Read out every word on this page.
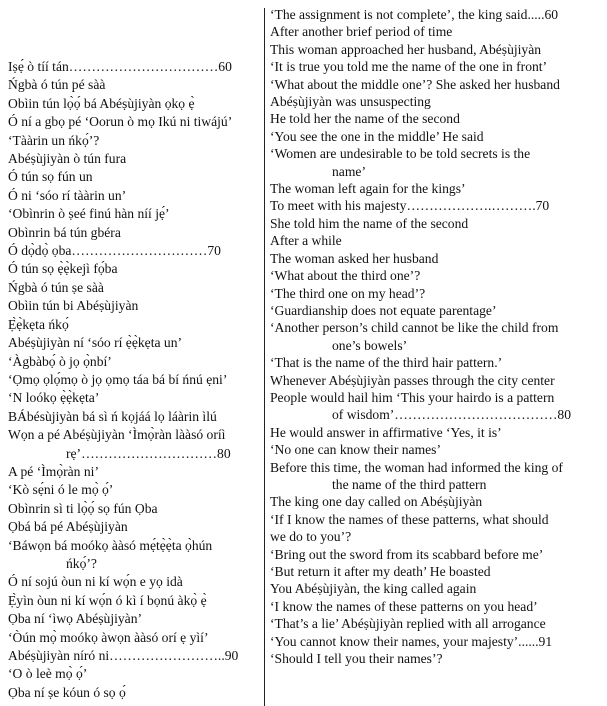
Iṣẹ́ ò tíí tán……………………………60
Ńgbà ó tún pé sàà
Obìin tún lọ̀ọ́ bá Abéṣùjiyàn ọkọ ẹ̀
Ó ní a gbọ pé ‘Oorun ò mọ Ikú ni tiwájú’
‘Tààrin un ńkọ́’?
Abéṣùjiyàn ò tún fura
Ó tún sọ fún un
Ó ni ‘sóo rí tààrin un’
‘Obìnrin ò ṣeé finú hàn níí jẹ́’
Obìnrin bá tún gbéra
Ó dọ̀dọ̀ ọba…………………………70
Ó tún sọ ẹ̀ẹ̀kejì fọ́ba
Ńgbà ó tún ṣe sàà
Obìin tún bi Abéṣùjiyàn
Ẹ̀ẹ̀kẹta ńkọ́
Abéṣùjiyàn ní ‘sóo rí ẹ̀ẹ̀kẹta un’
‘Àgbàbọ́ ò jọ ọ̀nbí’
‘Ọmọ ọlọ́mọ ò jọ ọmọ táa bá bí ńnú ẹni’
‘N loókọ ẹ̀ẹ̀kẹta’
BÁbésùjiyàn bá sì ń kọjáá lọ láàrin ìlú
Wọn a pé Abéṣùjiyàn ‘Ìmọ̀ràn lààsó oríì
rẹ’…………………………80
A pé ‘Ìmọ̀ràn ni’
‘Kò sẹ́ni ó le mọ̀ ọ́’
Obìnrin sì ti lọ̀ọ́ sọ fún Ọba
Ọbá bá pé Abéṣùjiyàn
‘Báwọn bá moókọ ààsó mẹ́tẹ̀ẹ̀ta ọ̀hún
ńkọ́’?
Ó ní sojú òun ni kí wọ́n e yọ idà
Ẹ̀yìn òun ni kí wọ́n ó kì í bọnú àkọ̀ ẹ̀
Ọba ní ‘ìwọ Abéṣùjiyàn’
‘Òún mọ̀ moókọ àwọn ààsó orí ẹ yìí’
Abéṣùjiyàn níró ni……………………..90
‘O ò leè mọ̀ ọ́’
Ọba ní ṣe kóun ó sọ ọ́
‘The assignment is not complete’, the king said.....60
After another brief period of time
This woman approached her husband, Abéṣùjiyàn
‘It is true you told me the name of the one in front’
‘What about the middle one’? She asked her husband
Abéṣùjiyàn was unsuspecting
He told her the name of the second
‘You see the one in the middle’ He said
‘Women are undesirable to be told secrets is the
name’
The woman left again for the kings’
To meet with his majesty……………….……….70
She told him the name of the second
After a while
The woman asked her husband
‘What about the third one’?
‘The third one on my head’?
‘Guardianship does not equate parentage’
‘Another person’s child cannot be like the child from
one’s bowels’
‘That is the name of the third hair pattern.’
Whenever Abéṣùjiyàn passes through the city center
People would hail him ‘This your hairdo is a pattern
of wisdom’………………………………80
He would answer in affirmative ‘Yes, it is’
‘No one can know their names’
Before this time, the woman had informed the king of
the name of the third pattern
The king one day called on Abéṣùjiyàn
‘If I know the names of these patterns, what should
we do to you’?
‘Bring out the sword from its scabbard before me’
‘But return it after my death’ He boasted
You Abéṣùjiyàn, the king called again
‘I know the names of these patterns on you head’
‘That’s a lie’ Abéṣùjiyàn replied with all arrogance
‘You cannot know their names, your majesty’......91
‘Should I tell you their names’?
